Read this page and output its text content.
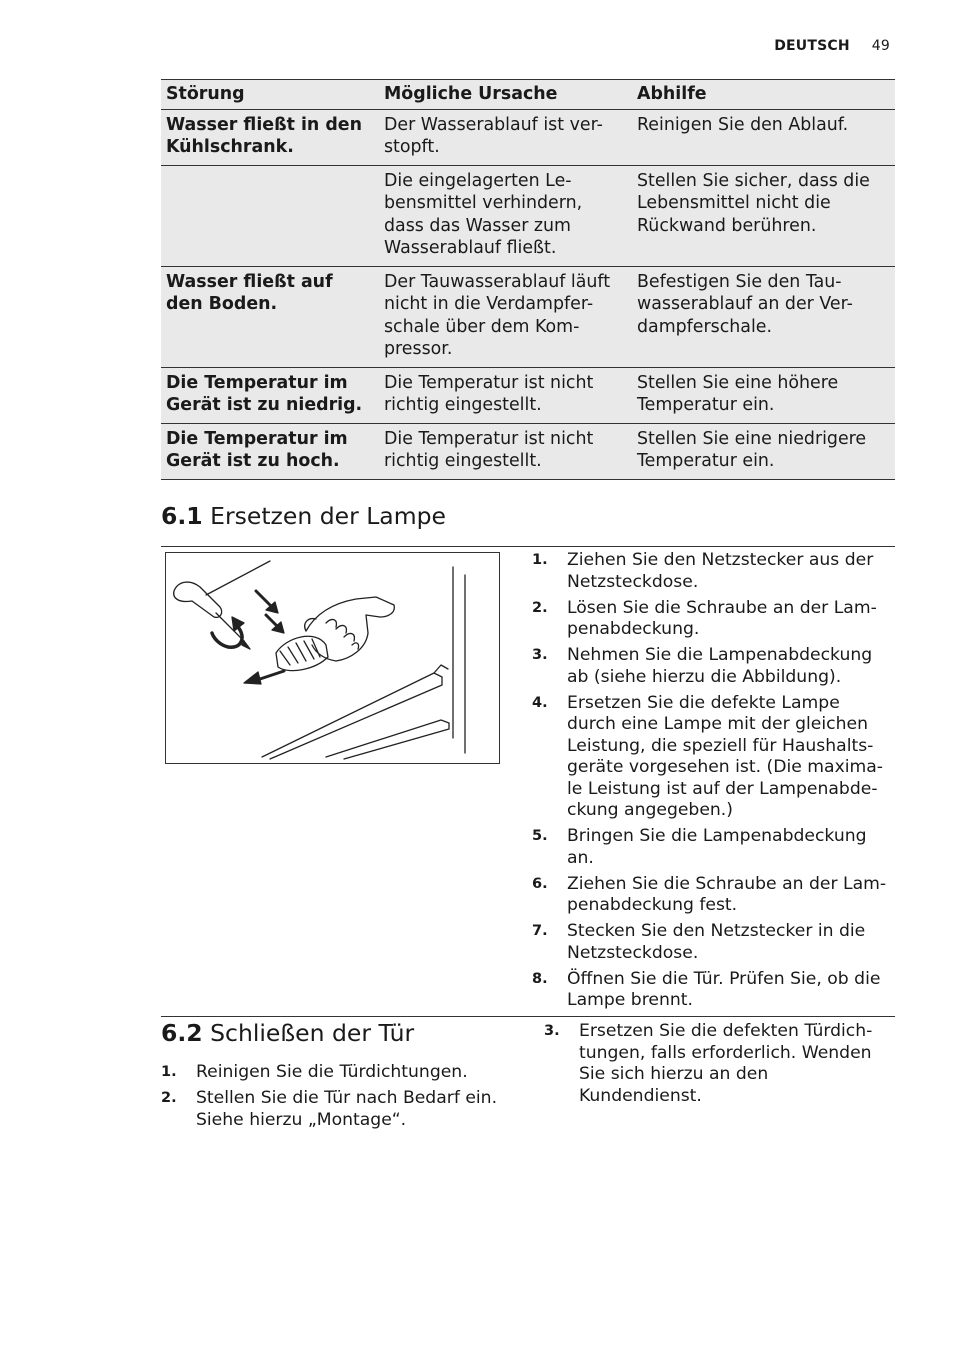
DEUTSCH 49
Störung	Mögliche Ursache	Abhilfe
Wasser fließt in den Kühlschrank.	Der Wasserablauf ist ver-stopft.	Reinigen Sie den Ablauf.
	Die eingelagerten Le-bensmittel verhindern, dass das Wasser zum Wasserablauf fließt.	Stellen Sie sicher, dass die Lebensmittel nicht die Rückwand berühren.
Wasser fließt auf den Boden.	Der Tauwasserablauf läuft nicht in die Verdampfer-schale über dem Kom-pressor.	Befestigen Sie den Tau-wasserablauf an der Ver-dampferschale.
Die Temperatur im Gerät ist zu niedrig.	Die Temperatur ist nicht richtig eingestellt.	Stellen Sie eine höhere Temperatur ein.
Die Temperatur im Gerät ist zu hoch.	Die Temperatur ist nicht richtig eingestellt.	Stellen Sie eine niedrigere Temperatur ein.
6.1 Ersetzen der Lampe
1. Ziehen Sie den Netzstecker aus der Netzsteckdose.
2. Lösen Sie die Schraube an der Lam-penabdeckung.
3. Nehmen Sie die Lampenabdeckung ab (siehe hierzu die Abbildung).
4. Ersetzen Sie die defekte Lampe durch eine Lampe mit der gleichen Leistung, die speziell für Haushalts-geräte vorgesehen ist. (Die maxima-le Leistung ist auf der Lampenabde-ckung angegeben.)
5. Bringen Sie die Lampenabdeckung an.
6. Ziehen Sie die Schraube an der Lam-penabdeckung fest.
7. Stecken Sie den Netzstecker in die Netzsteckdose.
8. Öffnen Sie die Tür. Prüfen Sie, ob die Lampe brennt.
6.2 Schließen der Tür
1. Reinigen Sie die Türdichtungen.
2. Stellen Sie die Tür nach Bedarf ein. Siehe hierzu „Montage“.
3. Ersetzen Sie die defekten Türdich-tungen, falls erforderlich. Wenden Sie sich hierzu an den Kundendienst.
